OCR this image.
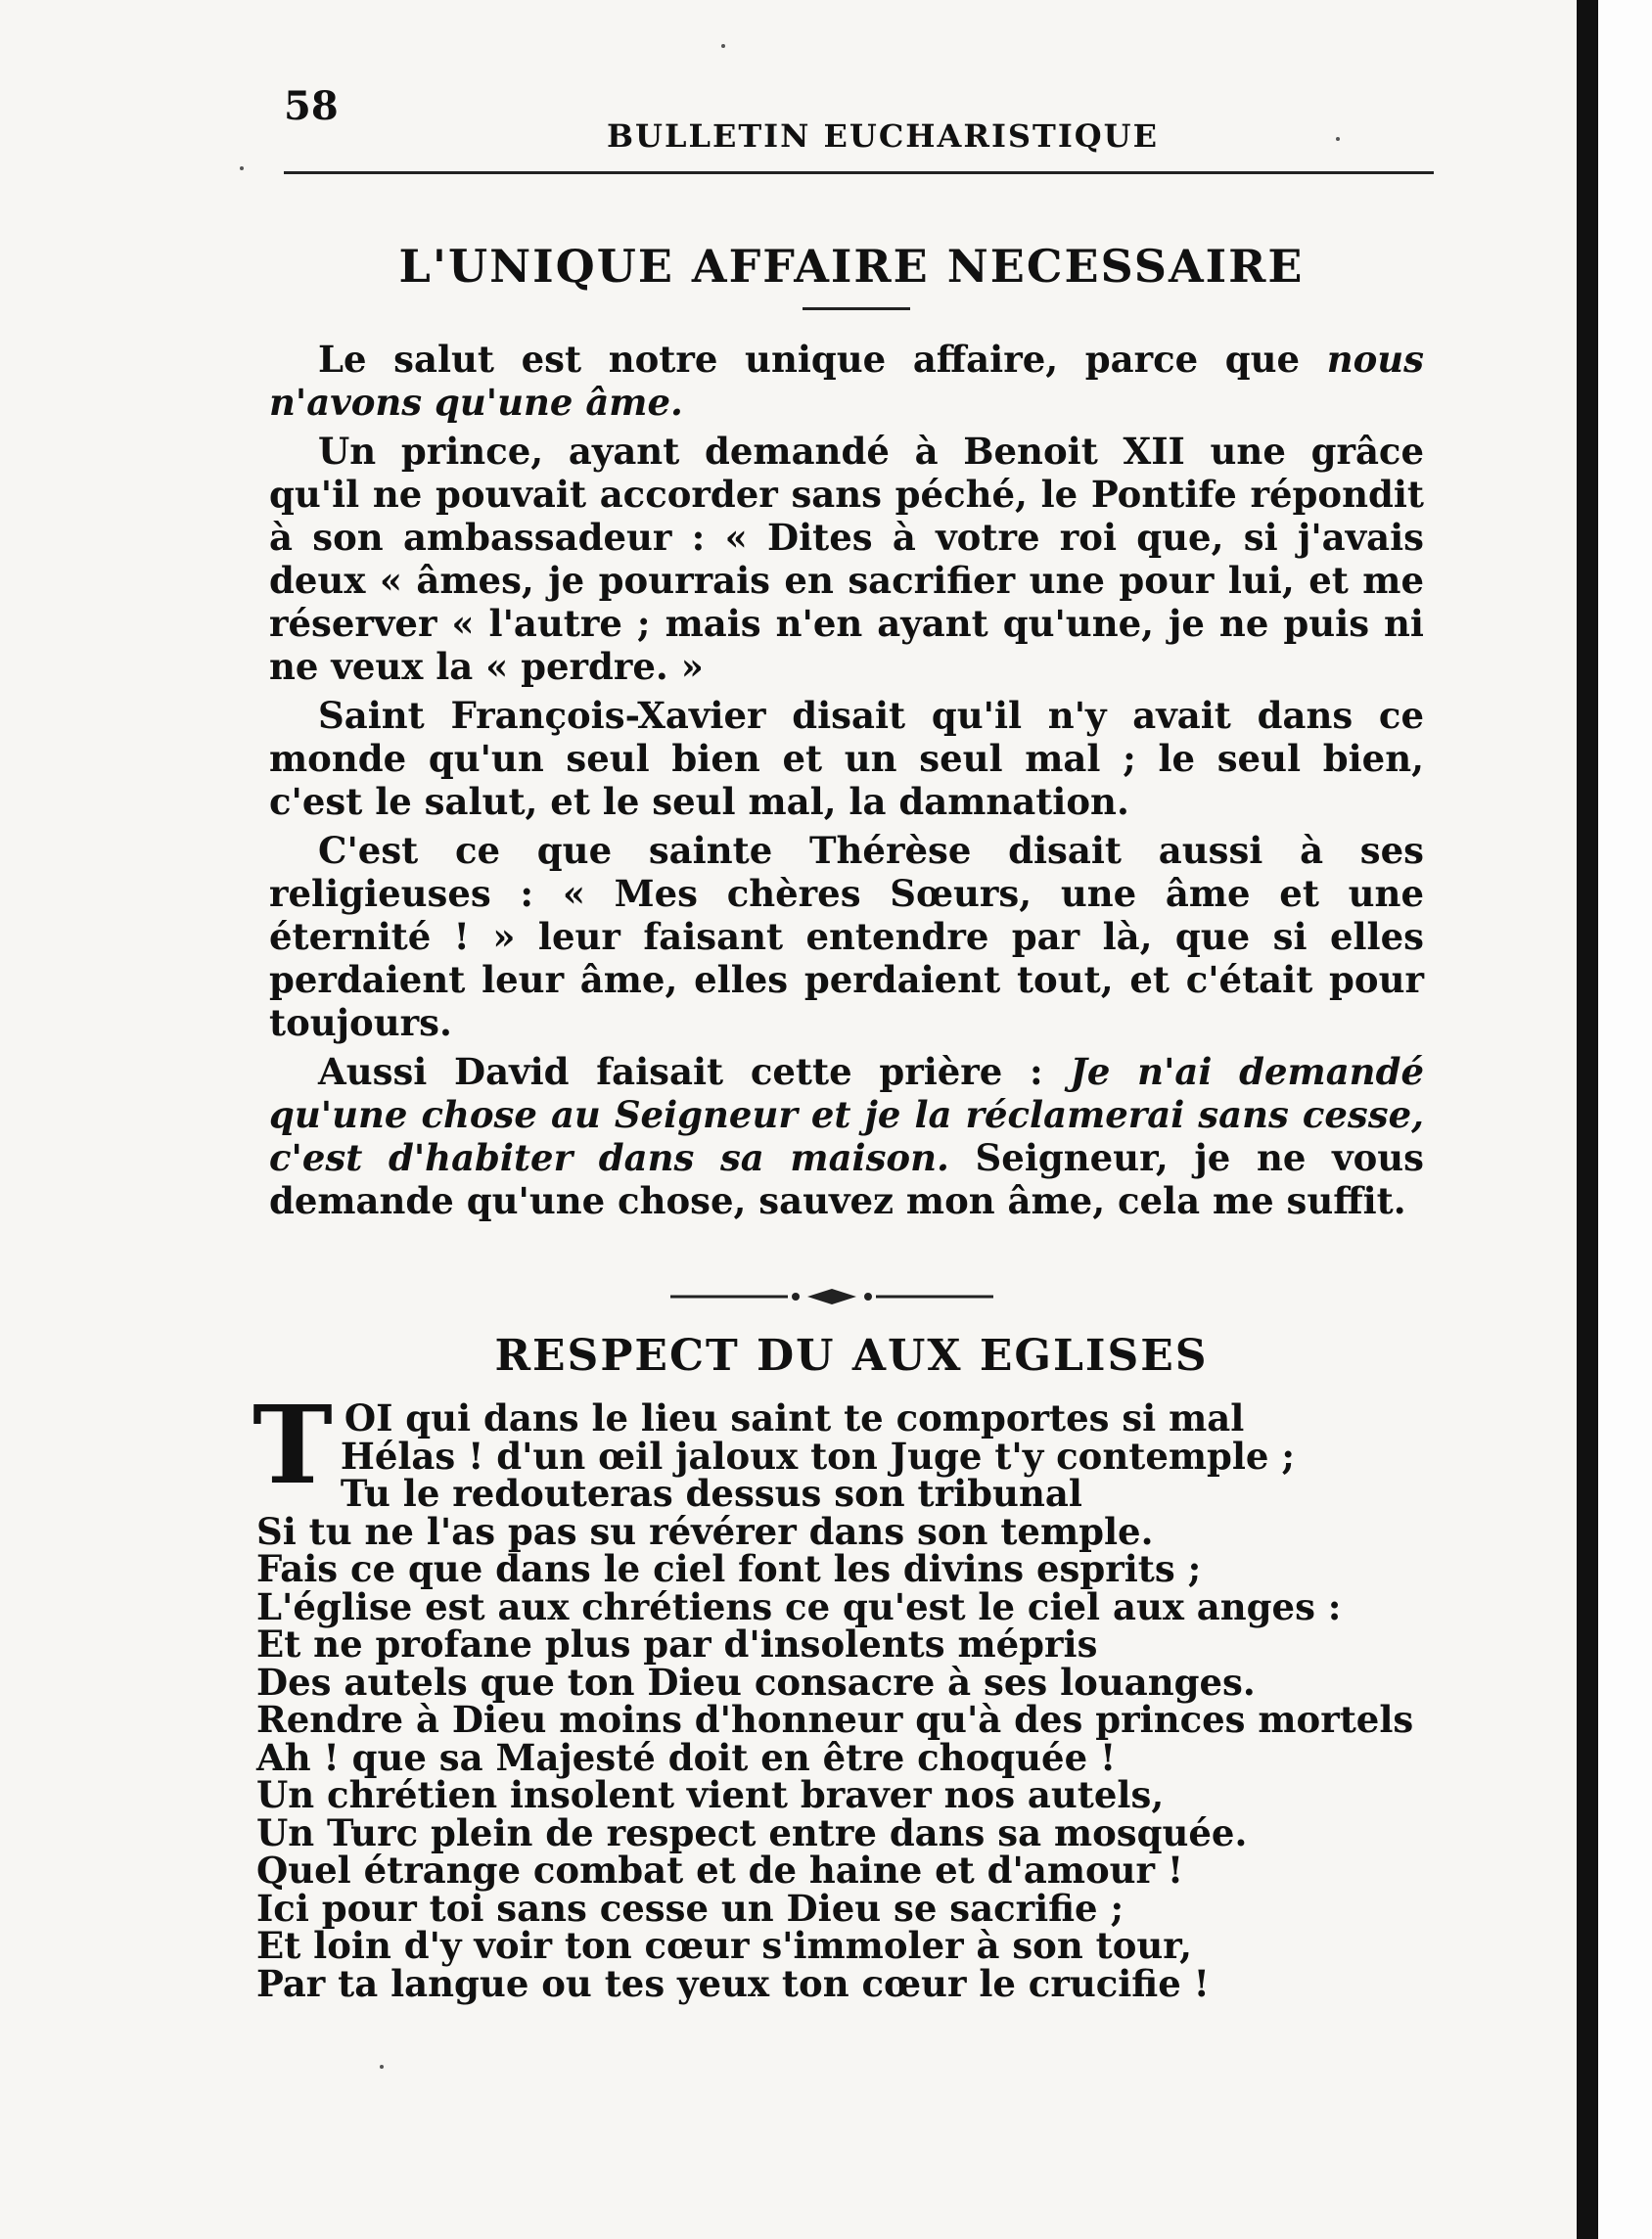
58
BULLETIN EUCHARISTIQUE
L'UNIQUE AFFAIRE NECESSAIRE

Le salut est notre unique affaire, parce que nous n'avons qu'une âme.

Un prince, ayant demandé à Benoit XII une grâce qu'il ne pouvait accorder sans péché, le Pontife répondit à son ambassadeur : « Dites à votre roi que, si j'avais deux « âmes, je pourrais en sacrifier une pour lui, et me réserver « l'autre ; mais n'en ayant qu'une, je ne puis ni ne veux la « perdre. »

Saint François-Xavier disait qu'il n'y avait dans ce monde qu'un seul bien et un seul mal ; le seul bien, c'est le salut, et le seul mal, la damnation.

C'est ce que sainte Thérèse disait aussi à ses religieuses : « Mes chères Sœurs, une âme et une éternité ! » leur faisant entendre par là, que si elles perdaient leur âme, elles perdaient tout, et c'était pour toujours.

Aussi David faisait cette prière : Je n'ai demandé qu'une chose au Seigneur et je la réclamerai sans cesse, c'est d'habiter dans sa maison. Seigneur, je ne vous demande qu'une chose, sauvez mon âme, cela me suffit.

RESPECT DU AUX EGLISES
TOI qui dans le lieu saint te comportes si mal
Hélas ! d'un œil jaloux ton Juge t'y contemple ;
Tu le redouteras dessus son tribunal
Si tu ne l'as pas su révérer dans son temple.
Fais ce que dans le ciel font les divins esprits ;
L'église est aux chrétiens ce qu'est le ciel aux anges :
Et ne profane plus par d'insolents mépris
Des autels que ton Dieu consacre à ses louanges.
Rendre à Dieu moins d'honneur qu'à des princes mortels
Ah ! que sa Majesté doit en être choquée !
Un chrétien insolent vient braver nos autels,
Un Turc plein de respect entre dans sa mosquée.
Quel étrange combat et de haine et d'amour !
Ici pour toi sans cesse un Dieu se sacrifie ;
Et loin d'y voir ton cœur s'immoler à son tour,
Par ta langue ou tes yeux ton cœur le crucifie !
